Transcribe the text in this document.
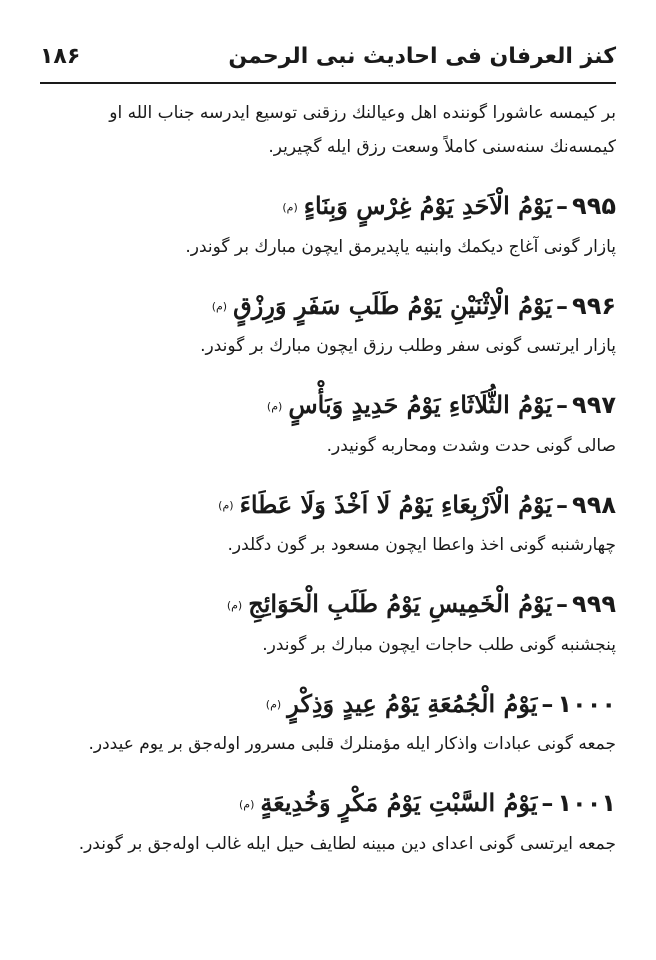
کنز العرفان فی احادیث نبی الرحمن
۱۸۶

بر کیمسه عاشورا گوننده اهل وعیالنك رزقنی توسیع ایدرسه جناب الله او کیمسه‌نك سنه‌سنی کاملاً وسعت رزق ایله گچیریر.

۹۹۵–يَوْمُ الْاَحَدِ يَوْمُ غِرْسٍ وَبِنَاءٍ(م)
پازار گونی آغاج دیکمك وابنیه یاپدیرمق ایچون مبارك بر گوندر.
۹۹۶–يَوْمُ الْاِثْنَيْنِ يَوْمُ طَلَبِ سَفَرٍ وَرِزْقٍ(م)
پازار ایرتسی گونی سفر وطلب رزق ایچون مبارك بر گوندر.
۹۹۷–يَوْمُ الثُّلَاثَاءِ يَوْمُ حَدِيدٍ وَبَأْسٍ(م)
صالی گونی حدت وشدت ومحاربه گونیدر.
۹۹۸–يَوْمُ الْاَرْبِعَاءِ يَوْمُ لَا اَخْذَ وَلَا عَطَاءَ(م)
چهارشنبه گونی اخذ واعطا ایچون مسعود بر گون دگلدر.
۹۹۹–يَوْمُ الْخَمِيسِ يَوْمُ طَلَبِ الْحَوَائِجِ(م)
پنجشنبه گونی طلب حاجات ایچون مبارك بر گوندر.
۱۰۰۰–يَوْمُ الْجُمُعَةِ يَوْمُ عِيدٍ وَذِكْرٍ(م)
جمعه گونی عبادات واذکار ایله مؤمنلرك قلبی مسرور اوله‌جق بر یوم عیددر.
۱۰۰۱–يَوْمُ السَّبْتِ يَوْمُ مَكْرٍ وَخُدِيعَةٍ(م)
جمعه ایرتسی گونی اعدای دین مبینه لطایف حیل ایله غالب اوله‌جق بر گوندر.
